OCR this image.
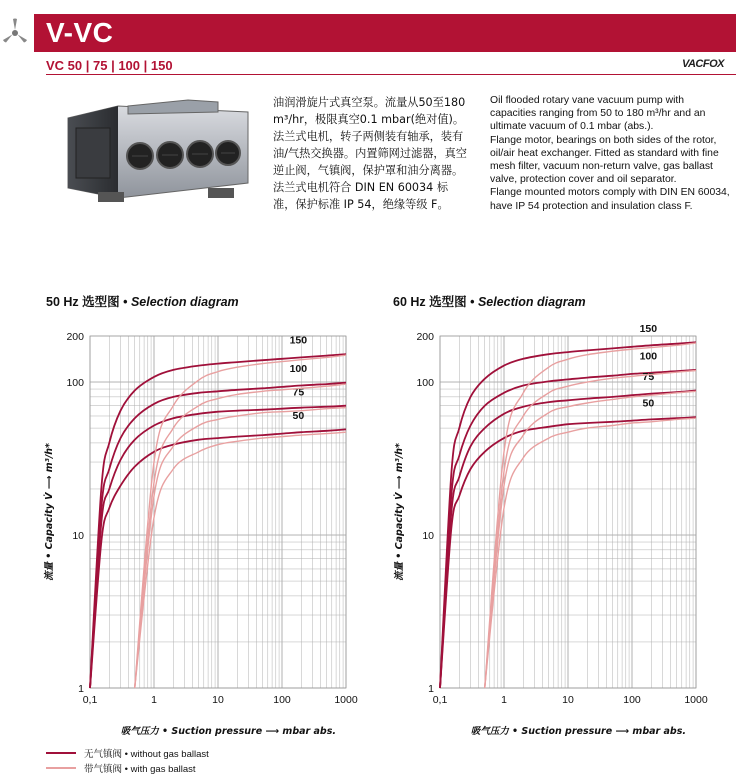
V-VC
VC 50 | 75 | 100 | 150	VACFOX
油润滑旋片式真空泵。流量从50至180 m³/hr，极限真空0.1 mbar(绝对值)。法兰式电机，转子两侧装有轴承，装有油/气热交换器。内置筛网过滤器，真空逆止阀，气镇阀，保护罩和油分离器。
法兰式电机符合 DIN EN 60034 标准，保护标准 IP 54，绝缘等级 F。
Oil flooded rotary vane vacuum pump with capacities ranging from 50 to 180 m³/hr and an ultimate vacuum of 0.1 mbar (abs.).
Flange motor, bearings on both sides of the rotor, oil/air heat exchanger. Fitted as standard with fine mesh filter, vacuum non-return valve, gas ballast valve, protection cover and oil separator.
Flange mounted motors comply with DIN EN 60034, have IP 54 protection and insulation class F.
50 Hz 选型图 • Selection diagram	60 Hz 选型图 • Selection diagram
0,1	1	10	100	1000
1
10
100
200
流量 • Capacity V̇ ⟶ m³/h*
吸气压力 • Suction pressure ⟶ mbar abs.
150
100
75
50
0,1	1	10	100	1000
1
10
100
200
流量 • Capacity V̇ ⟶ m³/h*
吸气压力 • Suction pressure ⟶ mbar abs.
150
100
75
50
无气镇阀 • without gas ballast
带气镇阀 • with gas ballast
